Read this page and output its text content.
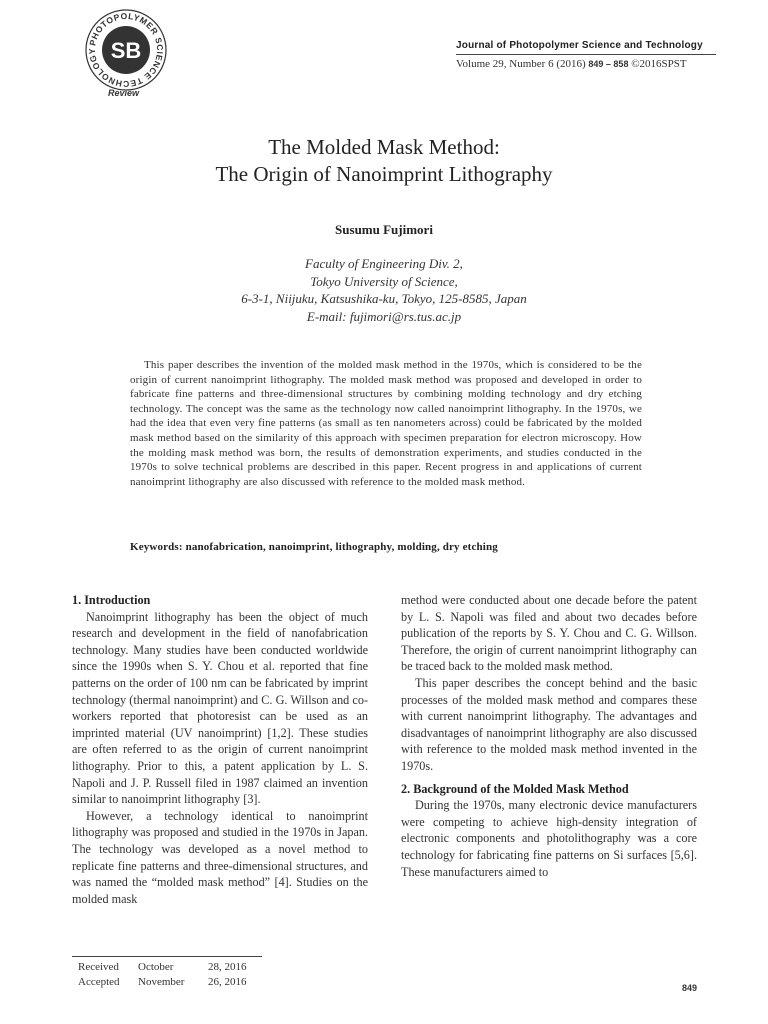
PHOTOPOLYMER SCIENCE TECHNOLOGY SB
Review
Journal of Photopolymer Science and Technology
Volume 29, Number 6 (2016) 849 – 858 ©2016SPST
The Molded Mask Method:
The Origin of Nanoimprint Lithography
Susumu Fujimori
Faculty of Engineering Div. 2,
Tokyo University of Science,
6-3-1, Niijuku, Katsushika-ku, Tokyo, 125-8585, Japan
E-mail: fujimori@rs.tus.ac.jp
This paper describes the invention of the molded mask method in the 1970s, which is considered to be the origin of current nanoimprint lithography. The molded mask method was proposed and developed in order to fabricate fine patterns and three-dimensional structures by combining molding technology and dry etching technology. The concept was the same as the technology now called nanoimprint lithography. In the 1970s, we had the idea that even very fine patterns (as small as ten nanometers across) could be fabricated by the molded mask method based on the similarity of this approach with specimen preparation for electron microscopy. How the molding mask method was born, the results of demonstration experiments, and studies conducted in the 1970s to solve technical problems are described in this paper. Recent progress in and applications of current nanoimprint lithography are also discussed with reference to the molded mask method.
Keywords: nanofabrication, nanoimprint, lithography, molding, dry etching
1. Introduction

Nanoimprint lithography has been the object of much research and development in the field of nanofabrication technology. Many studies have been conducted worldwide since the 1990s when S. Y. Chou et al. reported that fine patterns on the order of 100 nm can be fabricated by imprint technology (thermal nanoimprint) and C. G. Willson and co-workers reported that photoresist can be used as an imprinted material (UV nanoimprint) [1,2]. These studies are often referred to as the origin of current nanoimprint lithography. Prior to this, a patent application by L. S. Napoli and J. P. Russell filed in 1987 claimed an invention similar to nanoimprint lithography [3].

However, a technology identical to nanoimprint lithography was proposed and studied in the 1970s in Japan. The technology was developed as a novel method to replicate fine patterns and three-dimensional structures, and was named the “molded mask method” [4]. Studies on the molded mask

method were conducted about one decade before the patent by L. S. Napoli was filed and about two decades before publication of the reports by S. Y. Chou and C. G. Willson. Therefore, the origin of current nanoimprint lithography can be traced back to the molded mask method.

This paper describes the concept behind and the basic processes of the molded mask method and compares these with current nanoimprint lithography. The advantages and disadvantages of nanoimprint lithography are also discussed with reference to the molded mask method invented in the 1970s.

2. Background of the Molded Mask Method

During the 1970s, many electronic device manufacturers were competing to achieve high-density integration of electronic components and photolithography was a core technology for fabricating fine patterns on Si surfaces [5,6]. These manufacturers aimed to

Received	October	28, 2016
Accepted	November	26, 2016	849
